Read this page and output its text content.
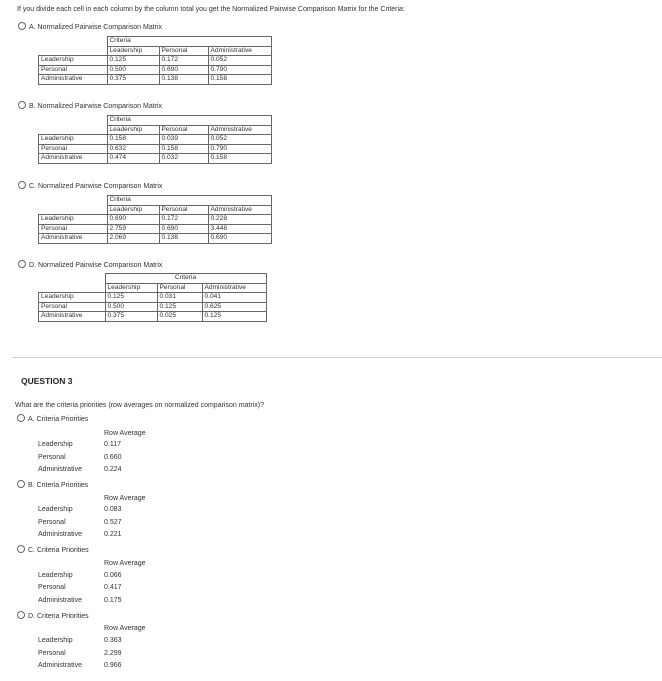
If you divide each cell in each column by the column total you get the Normalized Pairwise Comparison Matrix for the Criteria:
A. Normalized Pairwise Comparison Matrix
	Criteria		
	Leadership	Personal	Administrative
Leadership	0.125	0.172	0.052
Personal	0.500	0.690	0.790
Administrative	0.375	0.138	0.158
B. Normalized Pairwise Comparison Matrix
	Criteria		
	Leadership	Personal	Administrative
Leadership	0.158	0.039	0.052
Personal	0.632	0.158	0.790
Administrative	0.474	0.032	0.158
C. Normalized Pairwise Comparison Matrix
	Criteria		
	Leadership	Personal	Administrative
Leadership	0.690	0.172	0.228
Personal	2.759	0.690	3.448
Administrative	2.069	0.138	0.690
D. Normalized Pairwise Comparison Matrix
	Criteria		
	Leadership	Personal	Administrative
Leadership	0.125	0.031	0.041
Personal	0.500	0.125	0.625
Administrative	0.375	0.025	0.125
QUESTION 3
What are the criteria priorities (row averages on normalized comparison matrix)?
A. Criteria Priorities
Row Average
Leadership	0.117
Personal	0.660
Administrative	0.224
B. Criteria Priorities
Row Average
Leadership	0.083
Personal	0.527
Administrative	0.221
C. Criteria Priorities
Row Average
Leadership	0.066
Personal	0.417
Administrative	0.175
D. Criteria Priorities
Row Average
Leadership	0.363
Personal	2.299
Administrative	0.966
